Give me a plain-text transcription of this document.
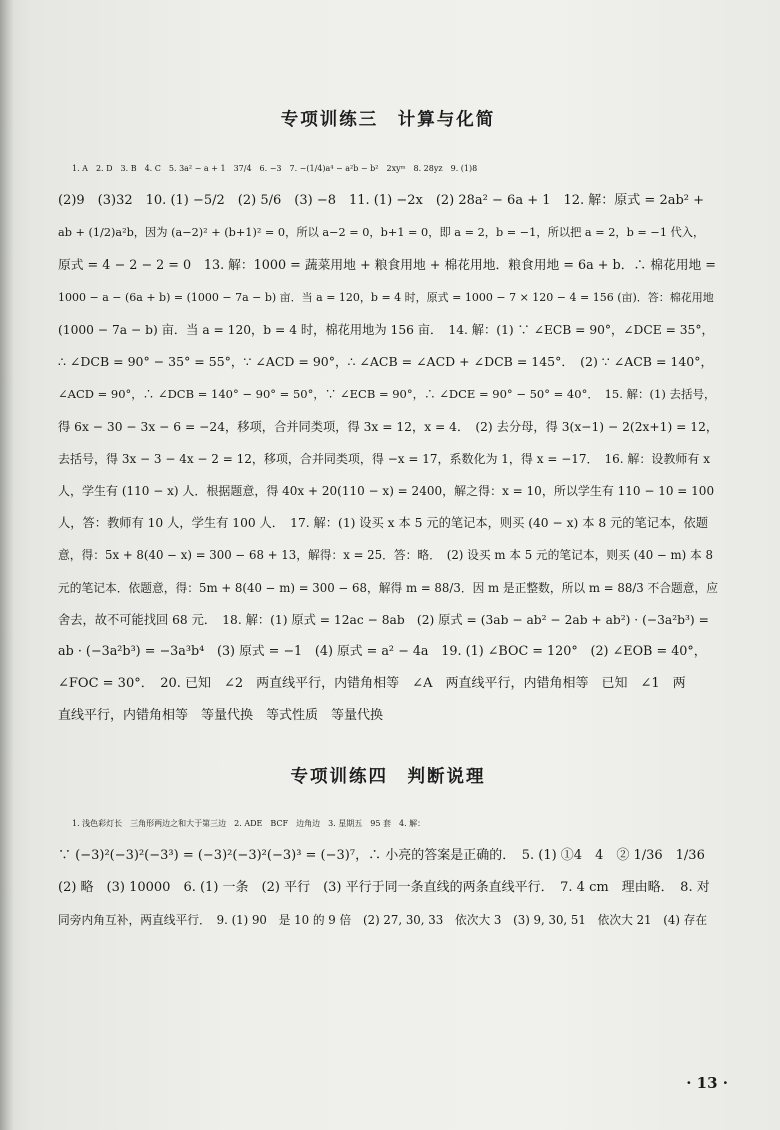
专项训练三　计算与化简
1. A　2. D　3. B　4. C　5. 3a² − a + 1　37/4　6. −3　7. −(1/4)a⁴ − a²b − b²　2xyᵐ　8. 28yz　9. (1)8
(2)9　(3)32　10. (1) −5/2　(2) 5/6　(3) −8　11. (1) −2x　(2) 28a² − 6a + 1　12. 解：原式 = 2ab² +
ab + (1/2)a²b，因为 (a−2)² + (b+1)² = 0，所以 a−2 = 0，b+1 = 0，即 a = 2，b = −1，所以把 a = 2，b = −1 代入，
原式 = 4 − 2 − 2 = 0　13. 解：1000 = 蔬菜用地 + 粮食用地 + 棉花用地．粮食用地 = 6a + b．∴ 棉花用地 =
1000 − a − (6a + b) = (1000 − 7a − b) 亩．当 a = 120，b = 4 时，原式 = 1000 − 7 × 120 − 4 = 156 (亩)．答：棉花用地
(1000 − 7a − b) 亩．当 a = 120，b = 4 时，棉花用地为 156 亩．　14. 解：(1) ∵ ∠ECB = 90°，∠DCE = 35°，
∴ ∠DCB = 90° − 35° = 55°，∵ ∠ACD = 90°，∴ ∠ACB = ∠ACD + ∠DCB = 145°．　(2) ∵ ∠ACB = 140°，
∠ACD = 90°，∴ ∠DCB = 140° − 90° = 50°，∵ ∠ECB = 90°，∴ ∠DCE = 90° − 50° = 40°．　15. 解：(1) 去括号，
得 6x − 30 − 3x − 6 = −24，移项，合并同类项，得 3x = 12，x = 4．　(2) 去分母，得 3(x−1) − 2(2x+1) = 12，
去括号，得 3x − 3 − 4x − 2 = 12，移项，合并同类项，得 −x = 17，系数化为 1，得 x = −17．　16. 解：设教师有 x
人，学生有 (110 − x) 人．根据题意，得 40x + 20(110 − x) = 2400，解之得：x = 10，所以学生有 110 − 10 = 100
人，答：教师有 10 人，学生有 100 人．　17. 解：(1) 设买 x 本 5 元的笔记本，则买 (40 − x) 本 8 元的笔记本，依题
意，得：5x + 8(40 − x) = 300 − 68 + 13，解得：x = 25．答：略．　(2) 设买 m 本 5 元的笔记本，则买 (40 − m) 本 8
元的笔记本．依题意，得：5m + 8(40 − m) = 300 − 68，解得 m = 88/3．因 m 是正整数，所以 m = 88/3 不合题意，应
舍去，故不可能找回 68 元．　18. 解：(1) 原式 = 12ac − 8ab　(2) 原式 = (3ab − ab² − 2ab + ab²) · (−3a²b³) =
ab · (−3a²b³) = −3a³b⁴　(3) 原式 = −1　(4) 原式 = a² − 4a　19. (1) ∠BOC = 120°　(2) ∠EOB = 40°，
∠FOC = 30°．　20. 已知　∠2　两直线平行，内错角相等　∠A　两直线平行，内错角相等　已知　∠1　两
直线平行，内错角相等　等量代换　等式性质　等量代换
专项训练四　判断说理
1. 浅色彩灯长　三角形两边之和大于第三边　2. ADE　BCF　边角边　3. 星期五　95 套　4. 解：
∵ (−3)²(−3)²(−3³) = (−3)²(−3)²(−3)³ = (−3)⁷，∴ 小亮的答案是正确的．　5. (1) ①4　4　② 1/36　1/36
(2) 略　(3) 10000　6. (1) 一条　(2) 平行　(3) 平行于同一条直线的两条直线平行．　7. 4 cm　理由略．　8. 对
同旁内角互补，两直线平行．　9. (1) 90　是 10 的 9 倍　(2) 27, 30, 33　依次大 3　(3) 9, 30, 51　依次大 21　(4) 存在
· 13 ·
